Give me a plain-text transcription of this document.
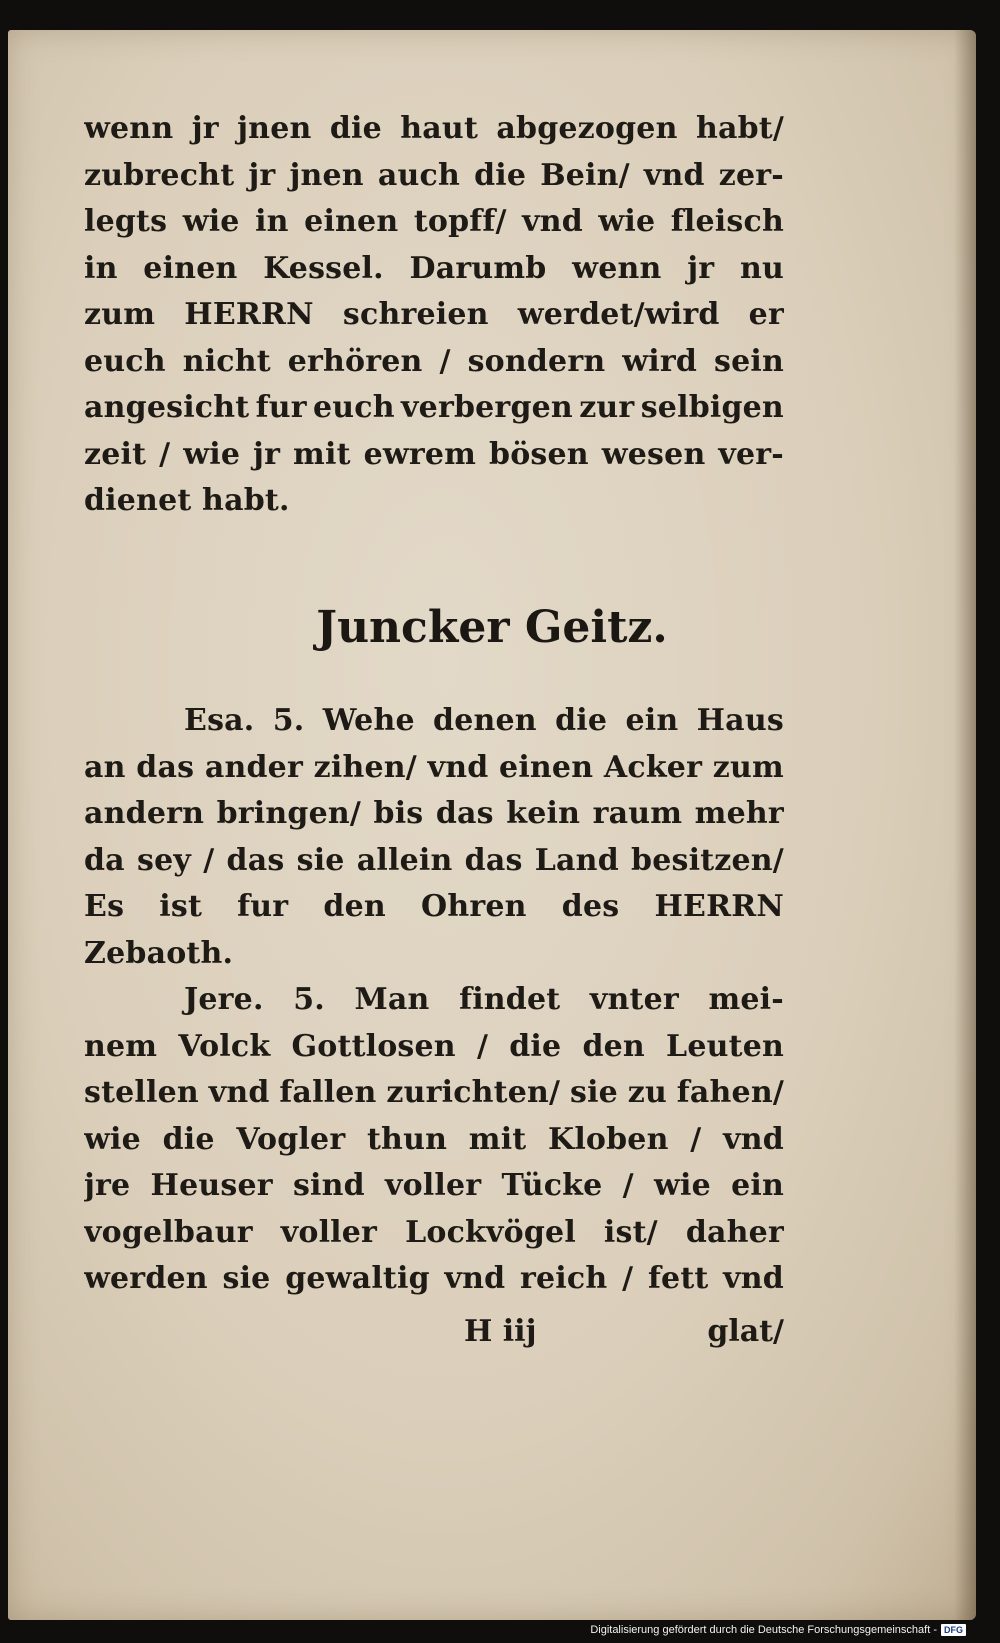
wenn jr jnen die haut abgezogen habt/
zubrecht jr jnen auch die Bein/ vnd zer-
legts wie in einen topff/ vnd wie fleisch
in einen Kessel. Darumb wenn jr nu
zum HERRN schreien werdet/wird er
euch nicht erhören / sondern wird sein
angesicht fur euch verbergen zur selbigen
zeit / wie jr mit ewrem bösen wesen ver-
dienet habt.
Juncker Geitz.
Esa. 5. Wehe denen die ein Haus
an das ander zihen/ vnd einen Acker zum
andern bringen/ bis das kein raum mehr
da sey / das sie allein das Land besitzen/
Es ist fur den Ohren des HERRN
Zebaoth.
Jere. 5. Man findet vnter mei-
nem Volck Gottlosen / die den Leuten
stellen vnd fallen zurichten/ sie zu fahen/
wie die Vogler thun mit Kloben / vnd
jre Heuser sind voller Tücke / wie ein
vogelbaur voller Lockvögel ist/ daher
werden sie gewaltig vnd reich / fett vnd
H iij	glat/
Digitalisierung gefördert durch die Deutsche Forschungsgemeinschaft - DFG
